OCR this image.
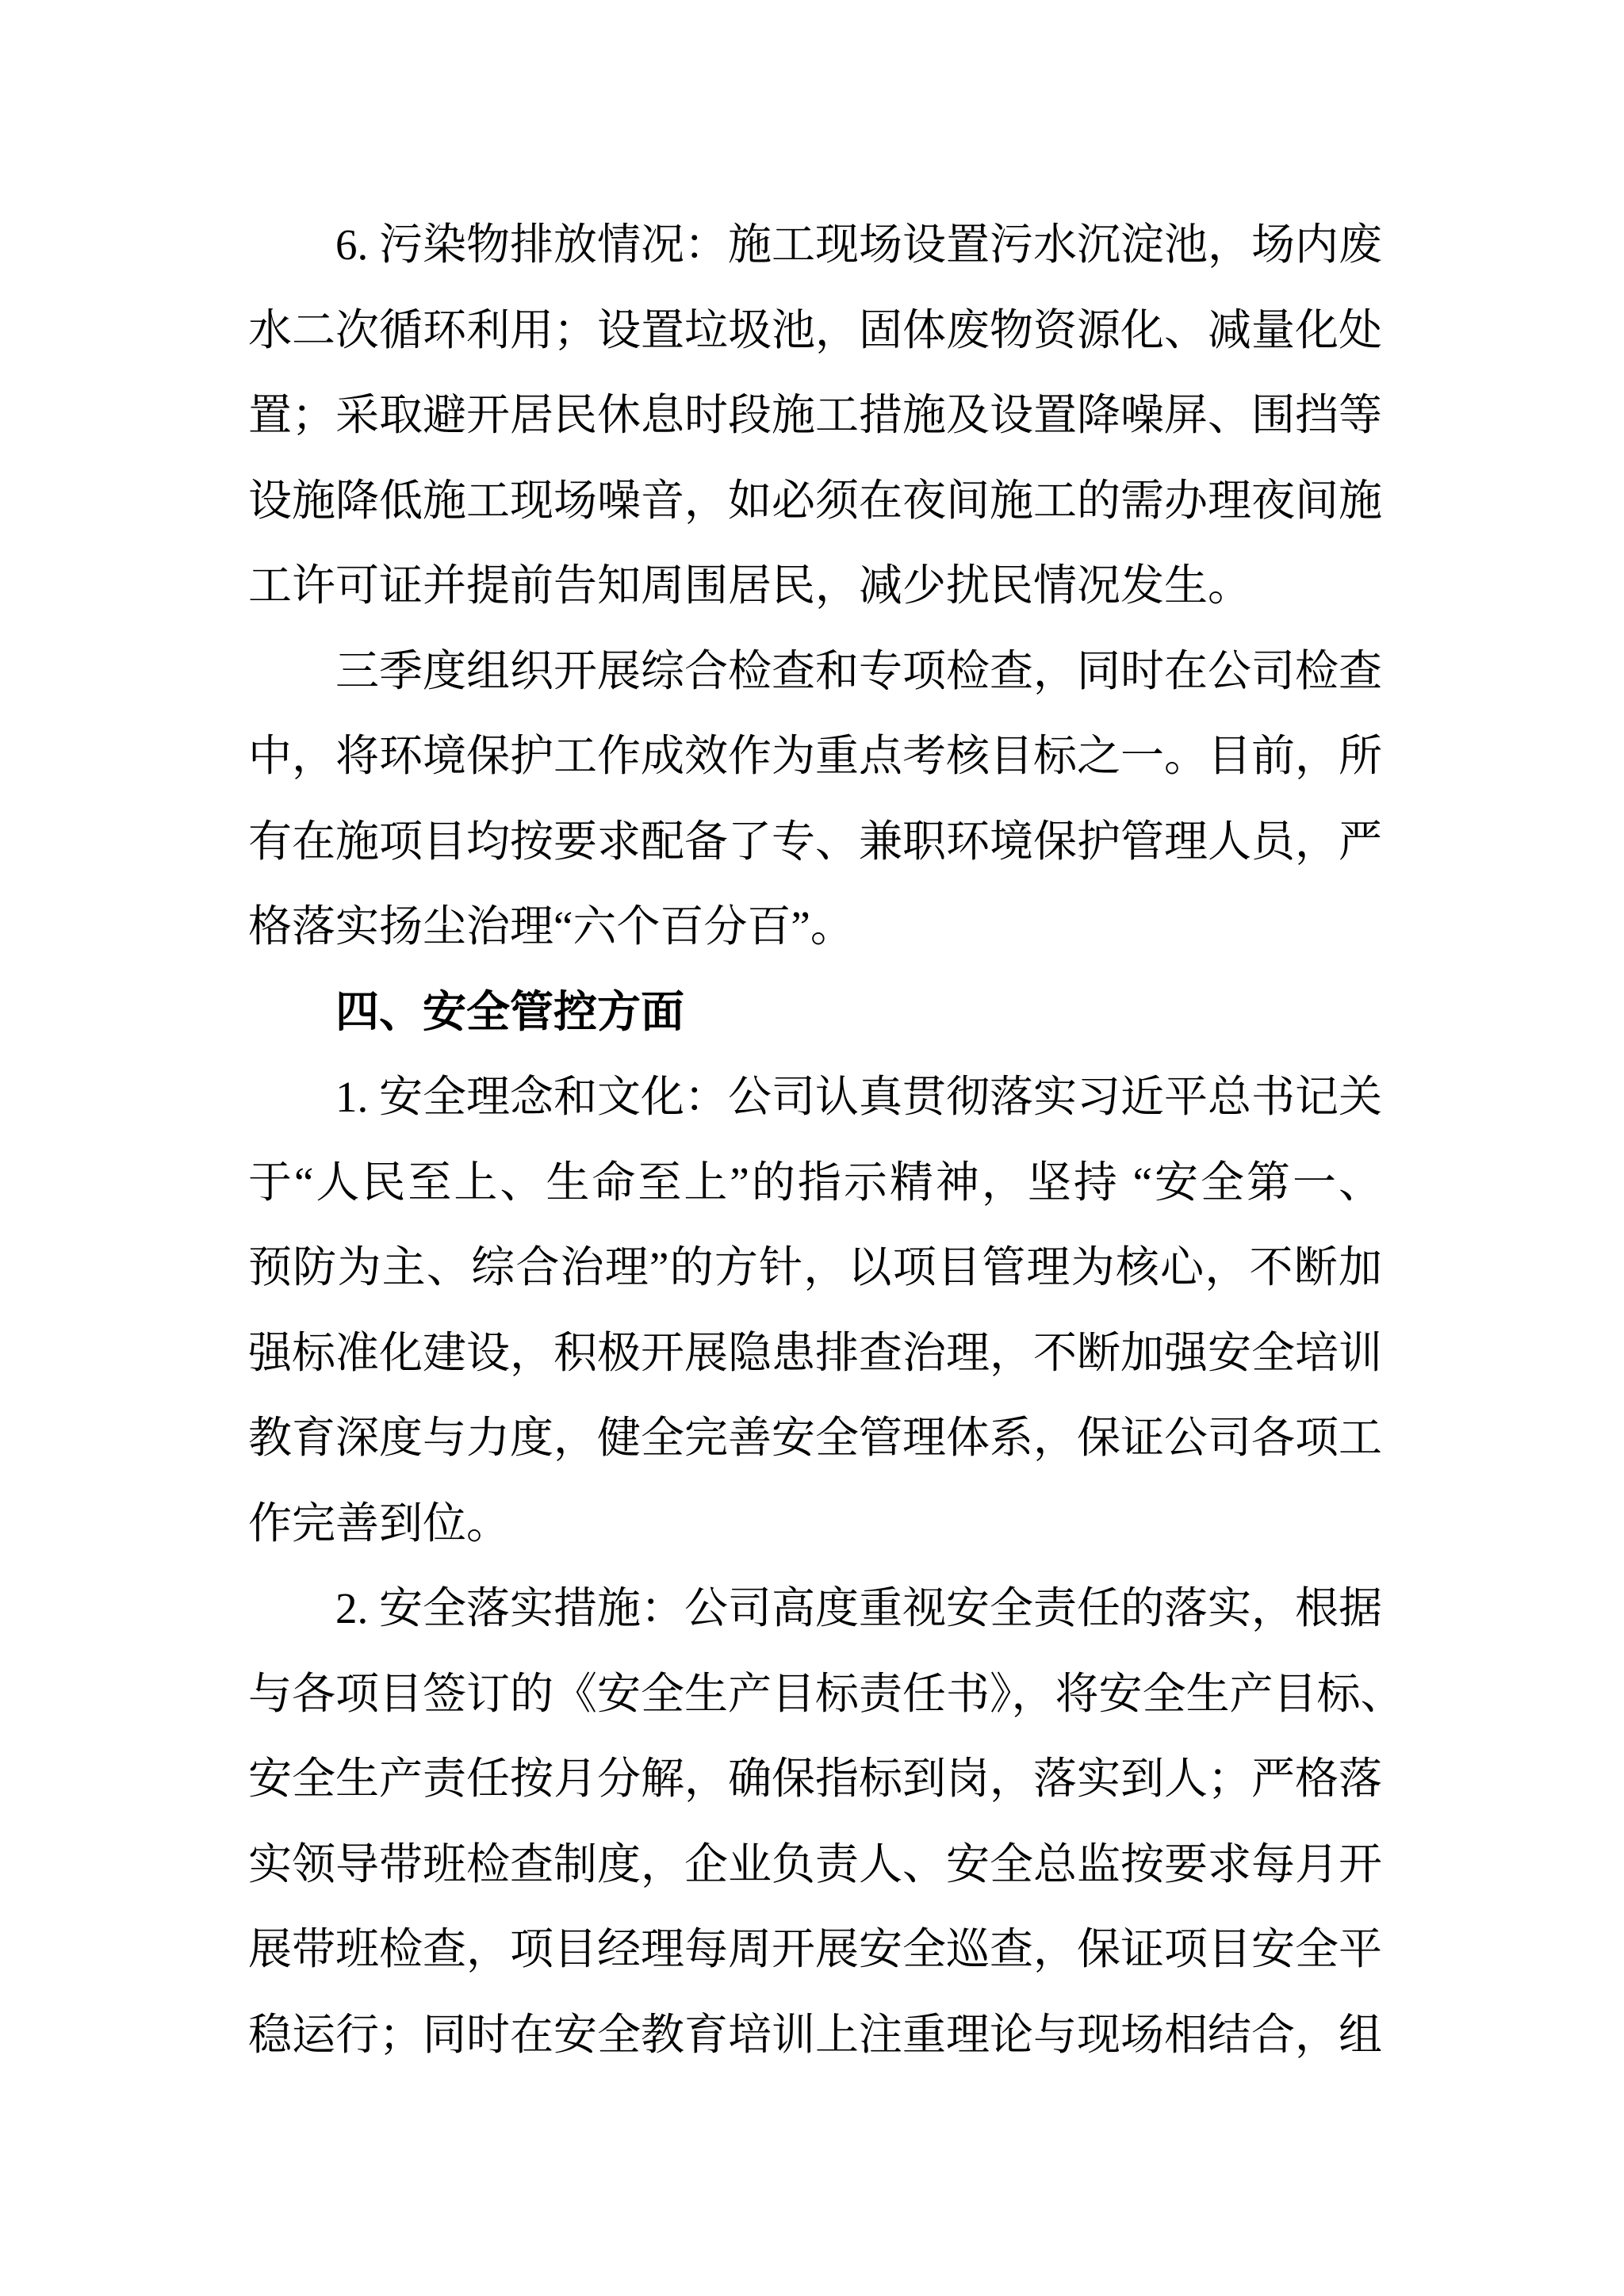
6. 污染物排放情况：施工现场设置污水沉淀池，场内废
水二次循环利用；设置垃圾池，固体废物资源化、减量化处
置；采取避开居民休息时段施工措施及设置降噪屏、围挡等
设施降低施工现场噪音，如必须在夜间施工的需办理夜间施
工许可证并提前告知周围居民，减少扰民情况发生。
三季度组织开展综合检查和专项检查，同时在公司检查
中，将环境保护工作成效作为重点考核目标之一。目前，所
有在施项目均按要求配备了专、兼职环境保护管理人员，严
格落实扬尘治理“六个百分百”。
四、安全管控方面
1. 安全理念和文化：公司认真贯彻落实习近平总书记关
于“人民至上、生命至上”的指示精神，坚持 “安全第一、
预防为主、综合治理”的方针，以项目管理为核心，不断加
强标准化建设，积极开展隐患排查治理，不断加强安全培训
教育深度与力度，健全完善安全管理体系，保证公司各项工
作完善到位。
2. 安全落实措施：公司高度重视安全责任的落实，根据
与各项目签订的《安全生产目标责任书》，将安全生产目标、
安全生产责任按月分解，确保指标到岗，落实到人；严格落
实领导带班检查制度，企业负责人、安全总监按要求每月开
展带班检查，项目经理每周开展安全巡查，保证项目安全平
稳运行；同时在安全教育培训上注重理论与现场相结合，组
